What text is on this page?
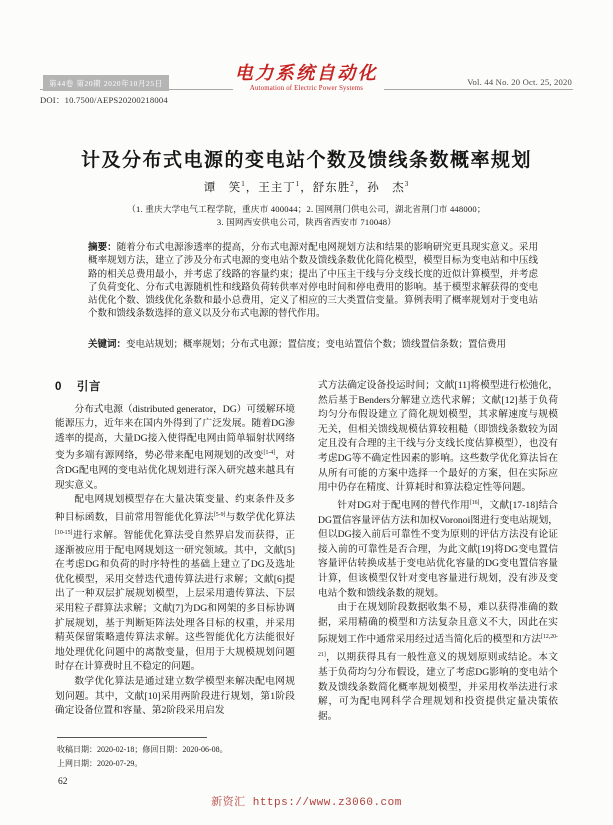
第44卷 第20期 2020年10月25日
DOI：10.7500/AEPS20200218004
电力系统自动化
Automation of Electric Power Systems
Vol. 44 No. 20 Oct. 25, 2020
计及分布式电源的变电站个数及馈线条数概率规划
谭　笑$^1$，王主丁$^1$，舒东胜$^2$，孙　杰$^3$
（1. 重庆大学电气工程学院，重庆市 400044；2. 国网荆门供电公司，湖北省荆门市 448000；
3. 国网西安供电公司，陕西省西安市 710048）
摘要：随着分布式电源渗透率的提高，分布式电源对配电网规划方法和结果的影响研究更具现实意义。采用概率规划方法，建立了涉及分布式电源的变电站个数及馈线条数优化简化模型，模型目标为变电站和中压线路的相关总费用最小，并考虑了线路的容量约束；提出了中压主干线与分支线长度的近似计算模型，并考虑了负荷变化、分布式电源随机性和线路负荷转供率对停电时间和停电费用的影响。基于模型求解获得的变电站优化个数、馈线优化条数和最小总费用，定义了相应的三大类置信变量。算例表明了概率规划对于变电站个数和馈线条数选择的意义以及分布式电源的替代作用。
关键词：变电站规划；概率规划；分布式电源；置信度；变电站置信个数；馈线置信条数；置信费用
0 引言
分布式电源（distributed generator，DG）可缓解环境能源压力，近年来在国内外得到了广泛发展。随着DG渗透率的提高，大量DG接入使得配电网由简单辐射状网络变为多端有源网络，势必带来配电网规划的改变[1-4]，对含DG配电网的变电站优化规划进行深入研究越来越具有现实意义。
配电网规划模型存在大量决策变量、约束条件及多种目标函数，目前常用智能优化算法[5-9]与数学优化算法[10-15]进行求解。智能优化算法受自然界启发而获得，正逐渐被应用于配电网规划这一研究领域。其中，文献[5]在考虑DG和负荷的时序特性的基础上建立了DG及选址优化模型，采用交替迭代遗传算法进行求解；文献[6]提出了一种双层扩展规划模型，上层采用遗传算法、下层采用粒子群算法求解；文献[7]为DG和网架的多目标协调扩展规划，基于判断矩阵法处理各目标的权重，并采用精英保留策略遗传算法求解。这些智能优化方法能很好地处理优化问题中的离散变量，但用于大规模规划问题时存在计算费时且不稳定的问题。
数学优化算法是通过建立数学模型来解决配电网规划问题。其中，文献[10]采用两阶段进行规划，第1阶段确定设备位置和容量、第2阶段采用启发
式方法确定设备投运时间；文献[11]将模型进行松弛化，然后基于Benders分解建立迭代求解；文献[12]基于负荷均匀分布假设建立了简化规划模型，其求解速度与规模无关，但相关馈线规模估算较粗糙（即馈线条数较为固定且没有合理的主干线与分支线长度估算模型），也没有考虑DG等不确定性因素的影响。这些数学优化算法旨在从所有可能的方案中选择一个最好的方案，但在实际应用中仍存在精度、计算耗时和算法稳定性等问题。
针对DG对于配电网的替代作用[16]，文献[17-18]结合DG置信容量评估方法和加权Voronoi图进行变电站规划，但以DG接入前后可靠性不变为原则的评估方法没有论证接入前的可靠性是否合理，为此文献[19]将DG变电置信容量评估转换成基于变电站优化容量的DG变电置信容量计算，但该模型仅针对变电容量进行规划，没有涉及变电站个数和馈线条数的规划。
由于在规划阶段数据收集不易，难以获得准确的数据，采用精确的模型和方法复杂且意义不大，因此在实际规划工作中通常采用经过适当简化后的模型和方法[12,20-21]，以期获得具有一般性意义的规划原则或结论。本文基于负荷均匀分布假设，建立了考虑DG影响的变电站个数及馈线条数简化概率规划模型，并采用枚举法进行求解，可为配电网科学合理规划和投资提供定量决策依据。
收稿日期：2020-02-18；修回日期：2020-06-08。
上网日期：2020-07-29。
62
新资汇 https://www.z3060.com
